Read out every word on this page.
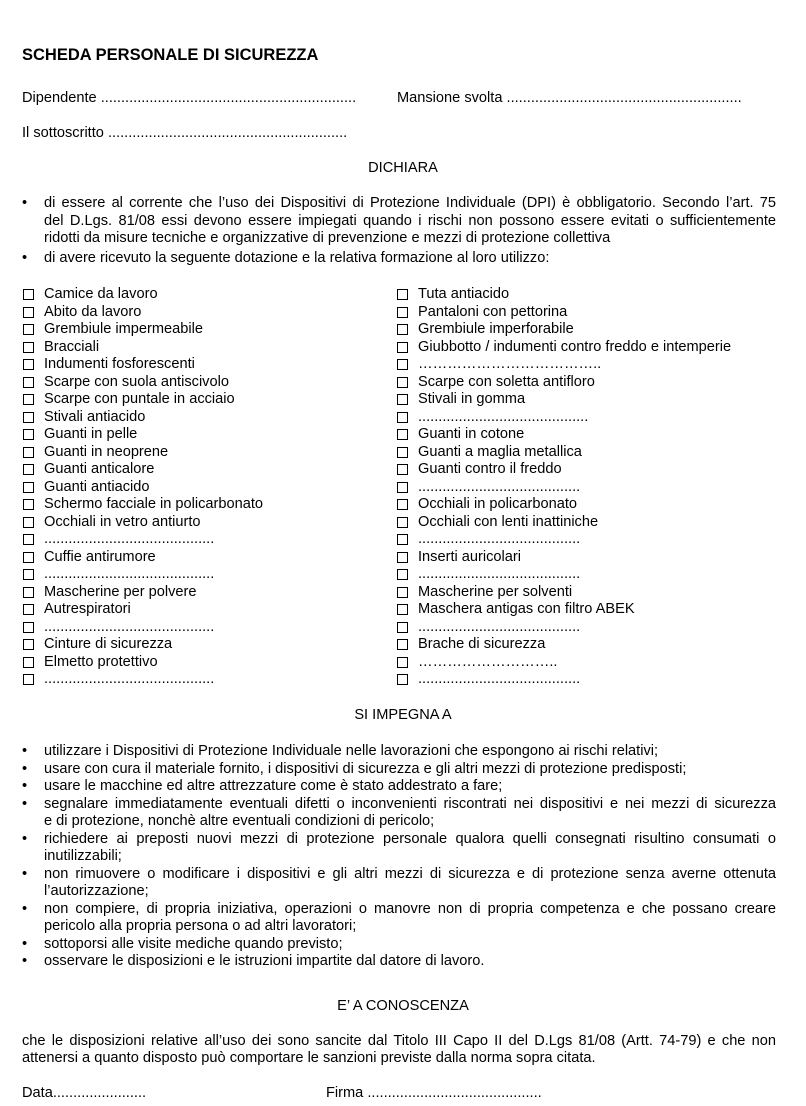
SCHEDA PERSONALE DI SICUREZZA
Dipendente ...............................................................	Mansione svolta ..........................................................
Il sottoscritto ...........................................................
DICHIARA
• di essere al corrente che l’uso dei Dispositivi di Protezione Individuale (DPI) è obbligatorio. Secondo l’art. 75
del D.Lgs. 81/08 essi devono essere impiegati quando i rischi non possono essere evitati o sufficientemente
ridotti da misure tecniche e organizzative di prevenzione e mezzi di protezione collettiva
• di avere ricevuto la seguente dotazione e la relativa formazione al loro utilizzo:
Camice da lavoro
Abito da lavoro
Grembiule impermeabile
Bracciali
Indumenti fosforescenti
Scarpe con suola antiscivolo
Scarpe con puntale in acciaio
Stivali antiacido
Guanti in pelle
Guanti in neoprene
Guanti anticalore
Guanti antiacido
Schermo facciale in policarbonato
Occhiali in vetro antiurto
..........................................
Cuffie antirumore
..........................................
Mascherine per polvere
Autrespiratori
..........................................
Cinture di sicurezza
Elmetto protettivo
..........................................
Tuta antiacido
Pantaloni con pettorina
Grembiule imperforabile
Giubbotto / indumenti contro freddo e intemperie
………………………………..
Scarpe con soletta antifloro
Stivali in gomma
..........................................
Guanti in cotone
Guanti a maglia metallica
Guanti contro il freddo
........................................
Occhiali in policarbonato
Occhiali con lenti inattiniche
........................................
Inserti auricolari
........................................
Mascherine per solventi
Maschera antigas con filtro ABEK
........................................
Brache di sicurezza
………………………..
........................................
SI IMPEGNA A
• utilizzare i Dispositivi di Protezione Individuale nelle lavorazioni che espongono ai rischi relativi;
• usare con cura il materiale fornito, i dispositivi di sicurezza e gli altri mezzi di protezione predisposti;
• usare le macchine ed altre attrezzature come è stato addestrato a fare;
• segnalare immediatamente eventuali difetti o inconvenienti riscontrati nei dispositivi e nei mezzi di sicurezza
e di protezione, nonchè altre eventuali condizioni di pericolo;
• richiedere ai preposti nuovi mezzi di protezione personale qualora quelli consegnati risultino consumati o
inutilizzabili;
• non rimuovere o modificare i dispositivi e gli altri mezzi di sicurezza e di protezione senza averne ottenuta
l’autorizzazione;
• non compiere, di propria iniziativa, operazioni o manovre non di propria competenza e che possano creare
pericolo alla propria persona o ad altri lavoratori;
• sottoporsi alle visite mediche quando previsto;
• osservare le disposizioni e le istruzioni impartite dal datore di lavoro.
E’ A CONOSCENZA
che le disposizioni relative all’uso dei sono sancite dal Titolo III Capo II del D.Lgs 81/08 (Artt. 74-79) e che non
attenersi a quanto disposto può comportare le sanzioni previste dalla norma sopra citata.
Data.......................	Firma ...........................................
